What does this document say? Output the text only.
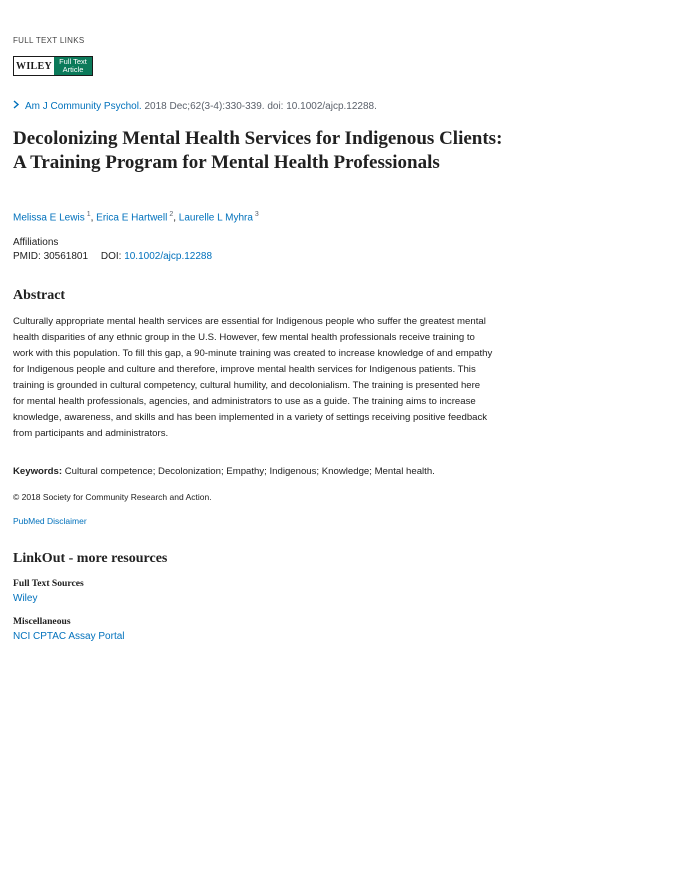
FULL TEXT LINKS
WILEY Full Text
Article
Am J Community Psychol. 2018 Dec;62(3-4):330-339. doi: 10.1002/ajcp.12288.
Decolonizing Mental Health Services for Indigenous Clients: A Training Program for Mental Health Professionals
Melissa E Lewis $^1$, Erica E Hartwell $^2$, Laurelle L Myhra $^3$
Affiliations
PMID: 30561801 DOI: 10.1002/ajcp.12288
Abstract

Culturally appropriate mental health services are essential for Indigenous people who suffer the greatest mental health disparities of any ethnic group in the U.S. However, few mental health professionals receive training to work with this population. To fill this gap, a 90-minute training was created to increase knowledge of and empathy for Indigenous people and culture and therefore, improve mental health services for Indigenous patients. This training is grounded in cultural competency, cultural humility, and decolonialism. The training is presented here for mental health professionals, agencies, and administrators to use as a guide. The training aims to increase knowledge, awareness, and skills and has been implemented in a variety of settings receiving positive feedback from participants and administrators.

Keywords: Cultural competence; Decolonization; Empathy; Indigenous; Knowledge; Mental health.
© 2018 Society for Community Research and Action.
PubMed Disclaimer
LinkOut - more resources
Full Text Sources
Wiley
Miscellaneous
NCI CPTAC Assay Portal
